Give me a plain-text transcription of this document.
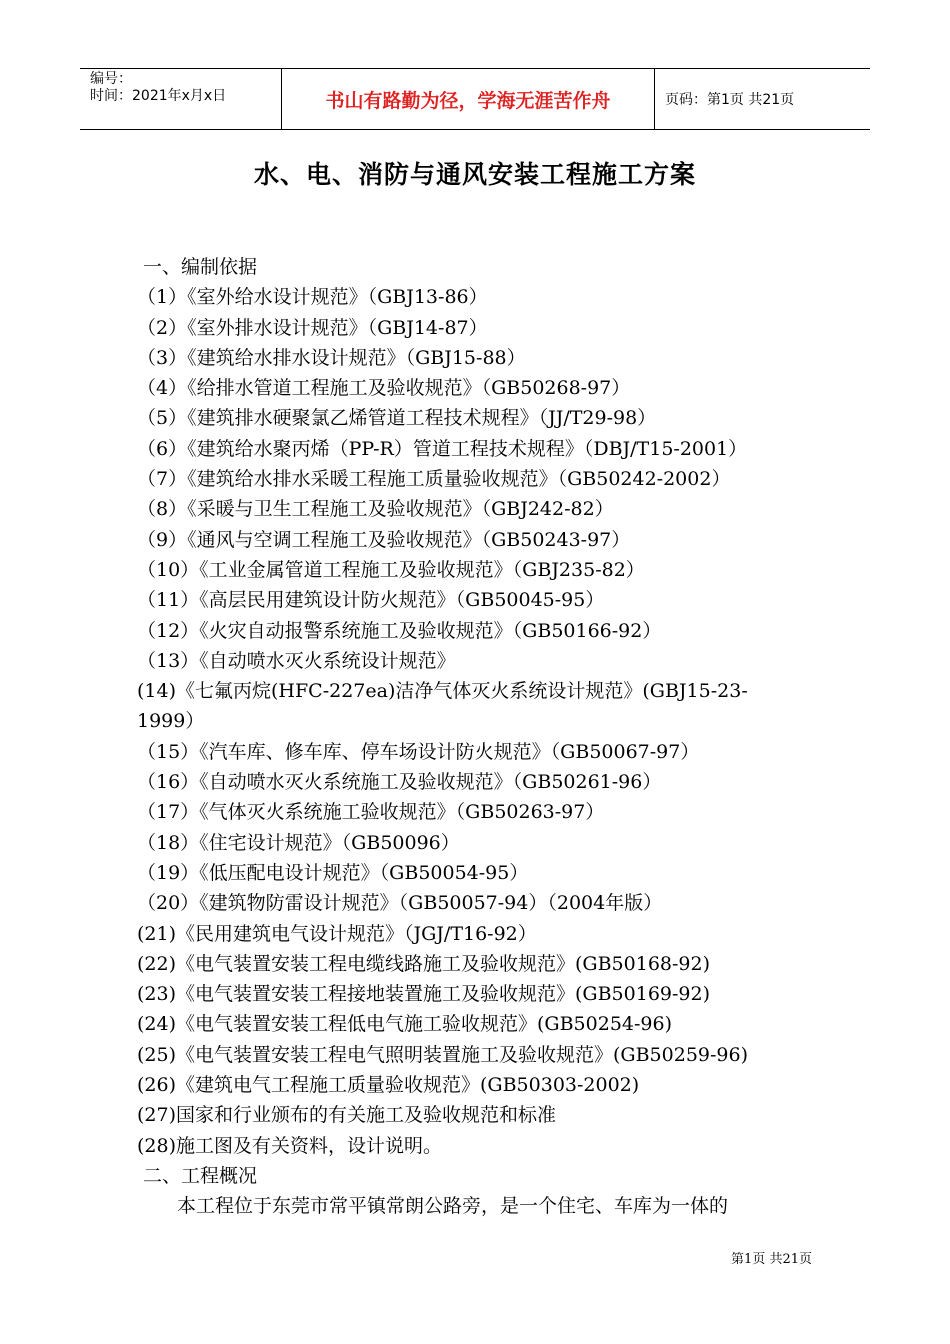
编号：
时间：2021年x月x日	书山有路勤为径，学海无涯苦作舟	页码：第1页 共21页
水、电、消防与通风安装工程施工方案
一、编制依据
（1）《室外给水设计规范》（GBJ13-86）
（2）《室外排水设计规范》（GBJ14-87）
（3）《建筑给水排水设计规范》（GBJ15-88）
（4）《给排水管道工程施工及验收规范》（GB50268-97）
（5）《建筑排水硬聚氯乙烯管道工程技术规程》（JJ/T29-98）
（6）《建筑给水聚丙烯（PP-R）管道工程技术规程》（DBJ/T15-2001）
（7）《建筑给水排水采暖工程施工质量验收规范》（GB50242-2002）
（8）《采暖与卫生工程施工及验收规范》（GBJ242-82）
（9）《通风与空调工程施工及验收规范》（GB50243-97）
（10）《工业金属管道工程施工及验收规范》（GBJ235-82）
（11）《高层民用建筑设计防火规范》（GB50045-95）
（12）《火灾自动报警系统施工及验收规范》（GB50166-92）
（13）《自动喷水灭火系统设计规范》
(14)《七氟丙烷(HFC-227ea)洁净气体灭火系统设计规范》(GBJ15-23-
1999）
（15）《汽车库、修车库、停车场设计防火规范》（GB50067-97）
（16）《自动喷水灭火系统施工及验收规范》（GB50261-96）
（17）《气体灭火系统施工验收规范》（GB50263-97）
（18）《住宅设计规范》（GB50096）
（19）《低压配电设计规范》（GB50054-95）
（20）《建筑物防雷设计规范》（GB50057-94）（2004年版）
(21)《民用建筑电气设计规范》（JGJ/T16-92）
(22)《电气装置安装工程电缆线路施工及验收规范》(GB50168-92)
(23)《电气装置安装工程接地装置施工及验收规范》(GB50169-92)
(24)《电气装置安装工程低电气施工验收规范》(GB50254-96)
(25)《电气装置安装工程电气照明装置施工及验收规范》(GB50259-96)
(26)《建筑电气工程施工质量验收规范》(GB50303-2002)
(27)国家和行业颁布的有关施工及验收规范和标准
(28)施工图及有关资料，设计说明。
二、工程概况
本工程位于东莞市常平镇常朗公路旁，是一个住宅、车库为一体的
第1页 共21页
